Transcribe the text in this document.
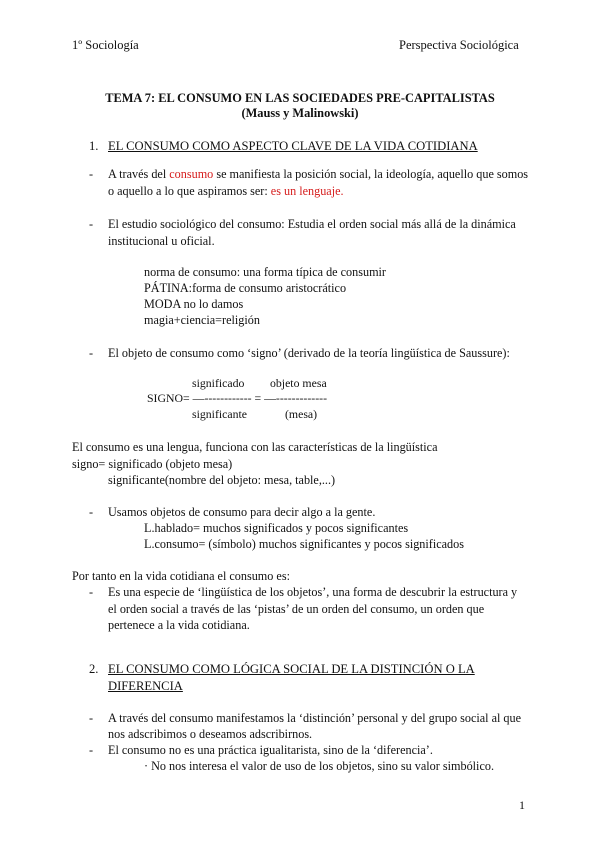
1º Sociología	Perspectiva Sociológica
TEMA 7: EL CONSUMO EN LAS SOCIEDADES PRE-CAPITALISTAS
(Mauss y Malinowski)
1. EL CONSUMO COMO ASPECTO CLAVE DE LA VIDA COTIDIANA
- A través del consumo se manifiesta la posición social, la ideología, aquello que somos
o aquello a lo que aspiramos ser: es un lenguaje.
- El estudio sociológico del consumo: Estudia el orden social más allá de la dinámica
institucional u oficial.
norma de consumo: una forma típica de consumir
PÁTINA:forma de consumo aristocrático
MODA no lo damos
magia+ciencia=religión
- El objeto de consumo como ‘signo’ (derivado de la teoría lingüística de Saussure):
significado objeto mesa
SIGNO= —------------ = —-------------
significante	(mesa)
El consumo es una lengua, funciona con las características de la lingüística
signo= significado (objeto mesa)
significante(nombre del objeto: mesa, table,...)
- Usamos objetos de consumo para decir algo a la gente.
L.hablado= muchos significados y pocos significantes
L.consumo= (símbolo) muchos significantes y pocos significados
Por tanto en la vida cotidiana el consumo es:
- Es una especie de ‘lingüística de los objetos’, una forma de descubrir la estructura y
el orden social a través de las ‘pistas’ de un orden del consumo, un orden que
pertenece a la vida cotidiana.
2. EL CONSUMO COMO LÓGICA SOCIAL DE LA DISTINCIÓN O LA
DIFERENCIA
- A través del consumo manifestamos la ‘distinción’ personal y del grupo social al que
nos adscribimos o deseamos adscribirnos.
- El consumo no es una práctica igualitarista, sino de la ‘diferencia’.
· No nos interesa el valor de uso de los objetos, sino su valor simbólico.
1
